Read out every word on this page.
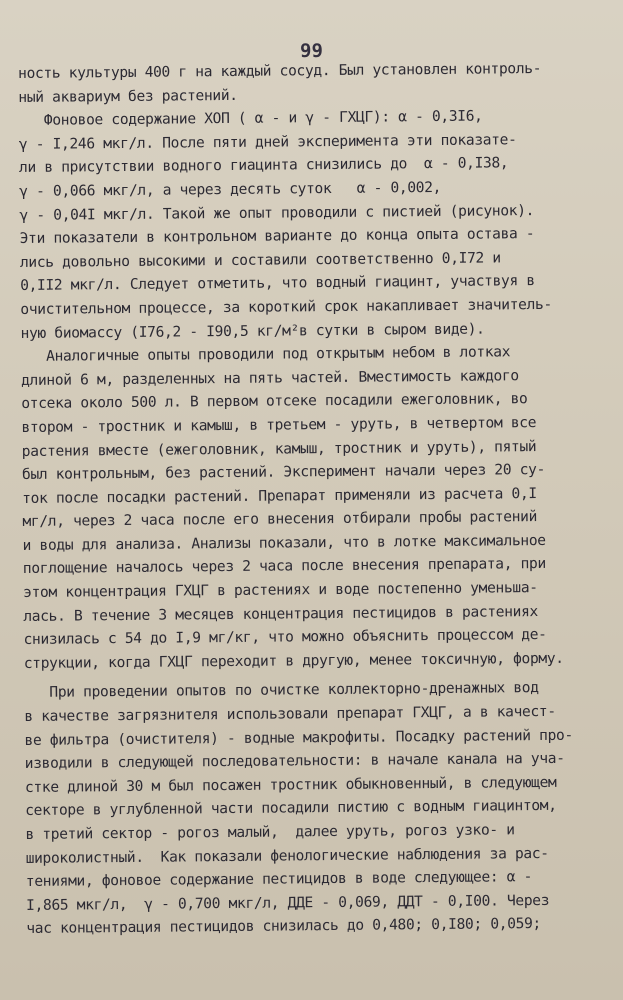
99
ность культуры 400 г на каждый сосуд. Был установлен контроль-
ный аквариум без растений.
Фоновое содержание ХОП ( α - и γ - ГХЦГ): α - 0,3I6,
γ - I,246 мкг/л. После пяти дней эксперимента эти показате-
ли в присутствии водного гиацинта снизились до  α - 0,I38,
γ - 0,066 мкг/л, а через десять суток   α - 0,002,
γ - 0,04I мкг/л. Такой же опыт проводили с пистией (рисунок).
Эти показатели в контрольном варианте до конца опыта остава -
лись довольно высокими и составили соответственно 0,I72 и
0,II2 мкг/л. Следует отметить, что водный гиацинт, участвуя в
очистительном процессе, за короткий срок накапливает значитель-
ную биомассу (I76,2 - I90,5 кг/м²в сутки в сыром виде).
Аналогичные опыты проводили под открытым небом в лотках
длиной 6 м, разделенных на пять частей. Вместимость каждого
отсека около 500 л. В первом отсеке посадили ежеголовник, во
втором - тростник и камыш, в третьем - уруть, в четвертом все
растения вместе (ежеголовник, камыш, тростник и уруть), пятый
был контрольным, без растений. Эксперимент начали через 20 су-
ток после посадки растений. Препарат применяли из расчета 0,I
мг/л, через 2 часа после его внесения отбирали пробы растений
и воды для анализа. Анализы показали, что в лотке максимальное
поглощение началось через 2 часа после внесения препарата, при
этом концентрация ГХЦГ в растениях и воде постепенно уменьша-
лась. В течение 3 месяцев концентрация пестицидов в растениях
снизилась с 54 до I,9 мг/кг, что можно объяснить процессом де-
струкции, когда ГХЦГ переходит в другую, менее токсичную, форму.
При проведении опытов по очистке коллекторно-дренажных вод
в качестве загрязнителя использовали препарат ГХЦГ, а в качест-
ве фильтра (очистителя) - водные макрофиты. Посадку растений про-
изводили в следующей последовательности: в начале канала на уча-
стке длиной 30 м был посажен тростник обыкновенный, в следующем
секторе в углубленной части посадили пистию с водным гиацинтом,
в третий сектор - рогоз малый,  далее уруть, рогоз узко- и
широколистный.  Как показали фенологические наблюдения за рас-
тениями, фоновое содержание пестицидов в воде следующее: α -
I,865 мкг/л,  γ - 0,700 мкг/л, ДДЕ - 0,069, ДДТ - 0,I00. Через
час концентрация пестицидов снизилась до 0,480; 0,I80; 0,059;
